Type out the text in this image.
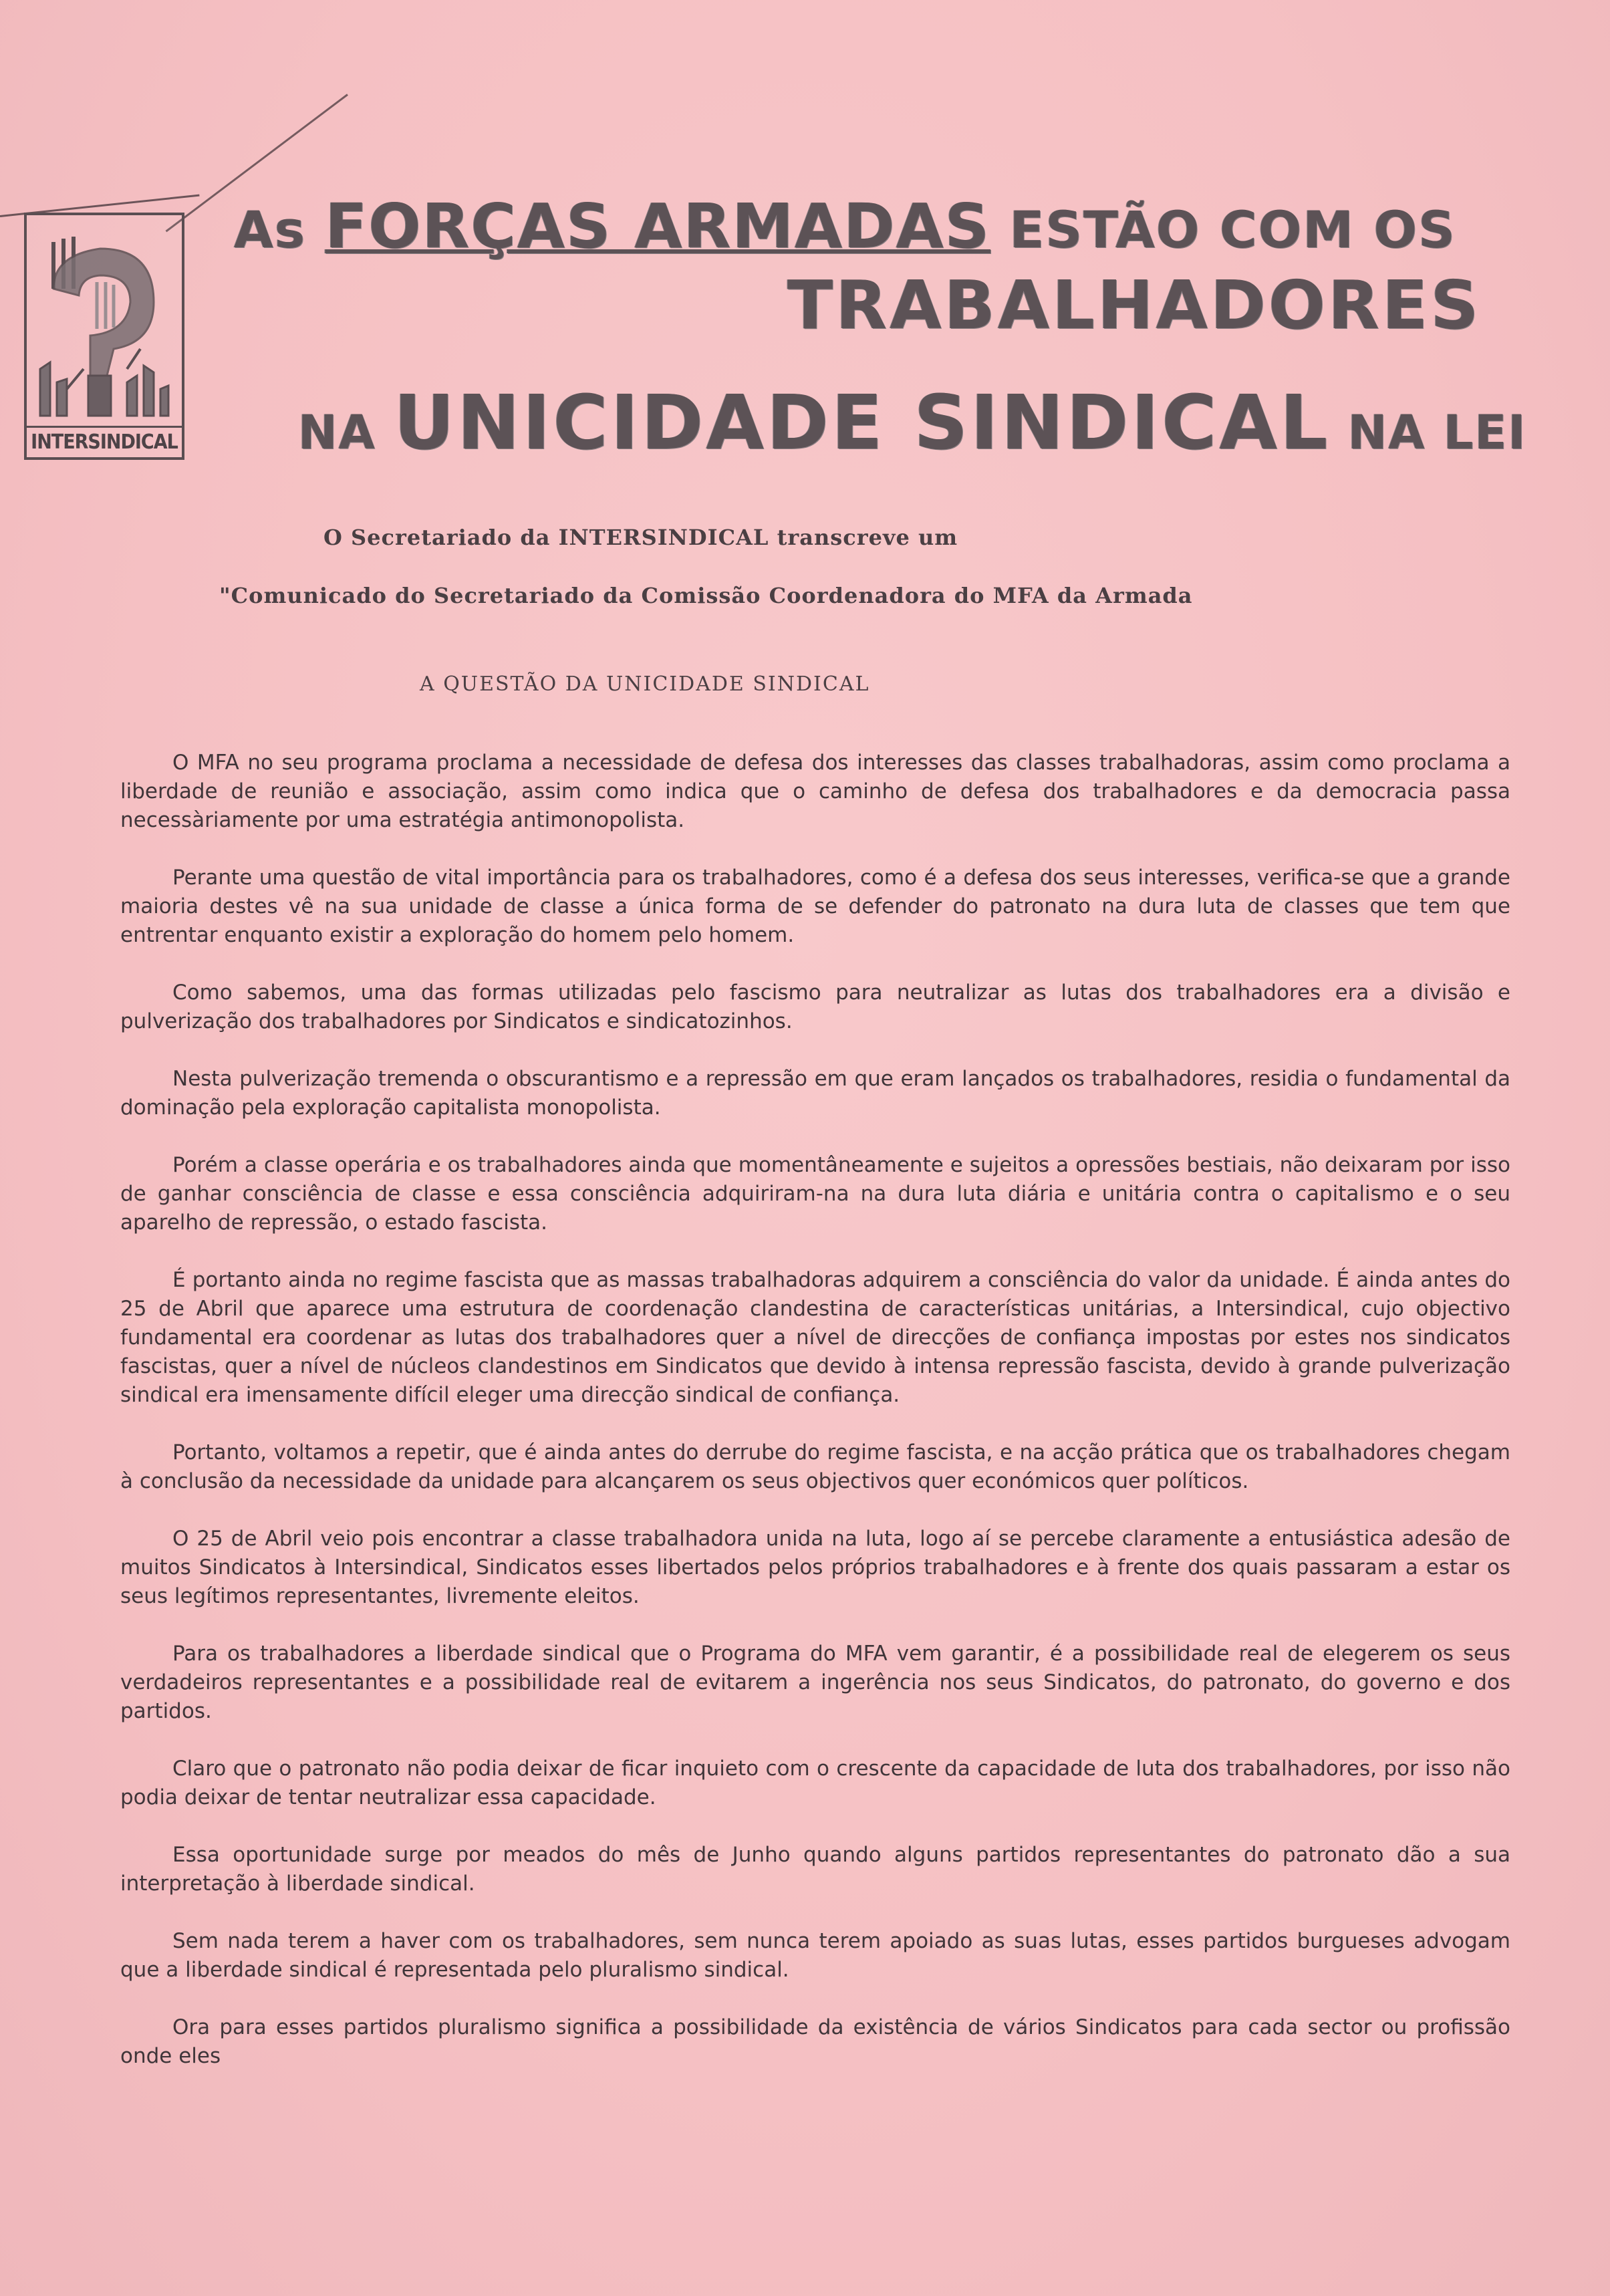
INTERSINDICAL
As FORÇAS ARMADAS ESTÃO COM OS
TRABALHADORES
NA UNICIDADE SINDICAL NA LEI
O Secretariado da INTERSINDICAL transcreve um
"Comunicado do Secretariado da Comissão Coordenadora do MFA da Armada
A QUESTÃO DA UNICIDADE SINDICAL

O MFA no seu programa proclama a necessidade de defesa dos interesses das classes trabalhadoras, assim como proclama a liberdade de reunião e associação, assim como indica que o caminho de defesa dos trabalhadores e da democracia passa necessàriamente por uma estratégia antimonopolista.

Perante uma questão de vital importância para os trabalhadores, como é a defesa dos seus interesses, verifica-se que a grande maioria destes vê na sua unidade de classe a única forma de se defender do patronato na dura luta de classes que tem que entrentar enquanto existir a exploração do homem pelo homem.

Como sabemos, uma das formas utilizadas pelo fascismo para neutralizar as lutas dos trabalhadores era a divisão e pulverização dos trabalhadores por Sindicatos e sindicatozinhos.

Nesta pulverização tremenda o obscurantismo e a repressão em que eram lançados os trabalhadores, residia o fundamental da dominação pela exploração capitalista monopolista.

Porém a classe operária e os trabalhadores ainda que momentâneamente e sujeitos a opressões bestiais, não deixaram por isso de ganhar consciência de classe e essa consciência adquiriram-na na dura luta diária e unitária contra o capitalismo e o seu aparelho de repressão, o estado fascista.

É portanto ainda no regime fascista que as massas trabalhadoras adquirem a consciência do valor da unidade. É ainda antes do 25 de Abril que aparece uma estrutura de coordenação clandestina de características unitárias, a Intersindical, cujo objectivo fundamental era coordenar as lutas dos trabalhadores quer a nível de direcções de confiança impostas por estes nos sindicatos fascistas, quer a nível de núcleos clandestinos em Sindicatos que devido à intensa repressão fascista, devido à grande pulverização sindical era imensamente difícil eleger uma direcção sindical de confiança.

Portanto, voltamos a repetir, que é ainda antes do derrube do regime fascista, e na acção prática que os trabalhadores chegam à conclusão da necessidade da unidade para alcançarem os seus objectivos quer económicos quer políticos.

O 25 de Abril veio pois encontrar a classe trabalhadora unida na luta, logo aí se percebe claramente a entusiástica adesão de muitos Sindicatos à Intersindical, Sindicatos esses libertados pelos próprios trabalhadores e à frente dos quais passaram a estar os seus legítimos representantes, livremente eleitos.

Para os trabalhadores a liberdade sindical que o Programa do MFA vem garantir, é a possibilidade real de elegerem os seus verdadeiros representantes e a possibilidade real de evitarem a ingerência nos seus Sindicatos, do patronato, do governo e dos partidos.

Claro que o patronato não podia deixar de ficar inquieto com o crescente da capacidade de luta dos trabalhadores, por isso não podia deixar de tentar neutralizar essa capacidade.

Essa oportunidade surge por meados do mês de Junho quando alguns partidos representantes do patronato dão a sua interpretação à liberdade sindical.

Sem nada terem a haver com os trabalhadores, sem nunca terem apoiado as suas lutas, esses partidos burgueses advogam que a liberdade sindical é representada pelo pluralismo sindical.

Ora para esses partidos pluralismo significa a possibilidade da existência de vários Sindicatos para cada sector ou profissão onde eles
